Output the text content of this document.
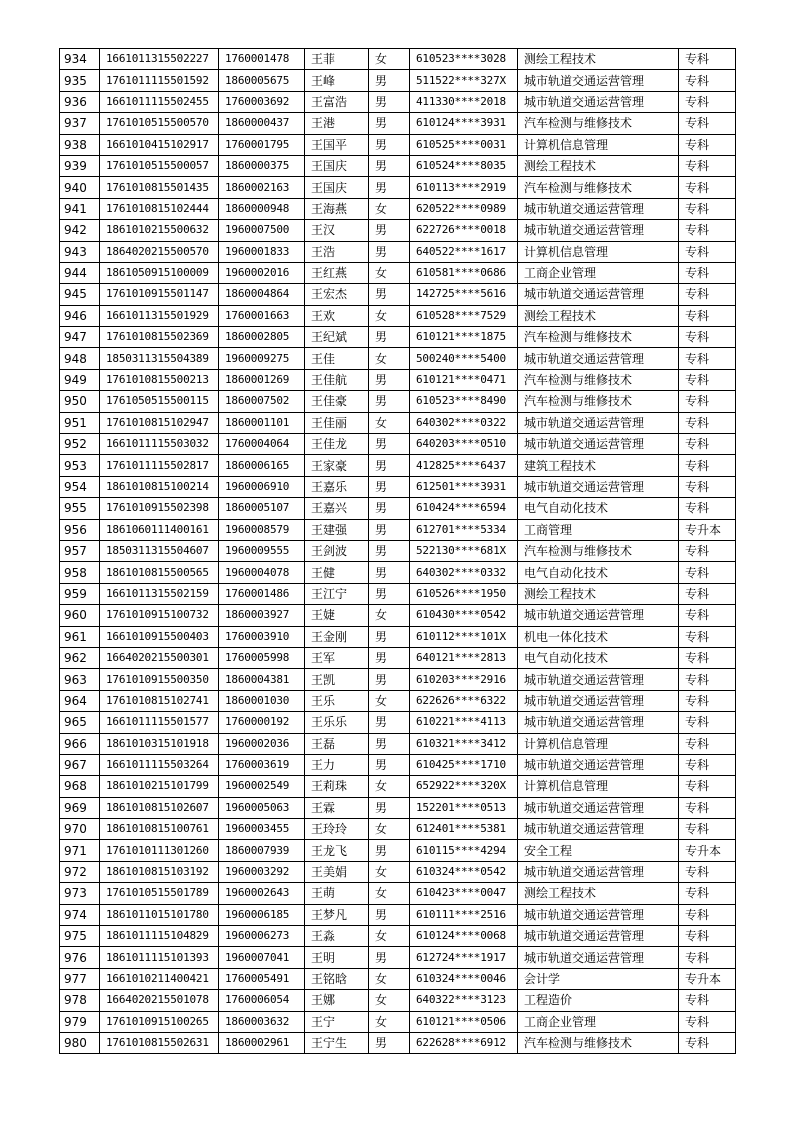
934	1661011315502227	1760001478	王菲	女	610523****3028	测绘工程技术	专科
935	1761011115501592	1860005675	王峰	男	511522****327X	城市轨道交通运营管理	专科
936	1661011115502455	1760003692	王富浩	男	411330****2018	城市轨道交通运营管理	专科
937	1761010515500570	1860000437	王港	男	610124****3931	汽车检测与维修技术	专科
938	1661010415102917	1760001795	王国平	男	610525****0031	计算机信息管理	专科
939	1761010515500057	1860000375	王国庆	男	610524****8035	测绘工程技术	专科
940	1761010815501435	1860002163	王国庆	男	610113****2919	汽车检测与维修技术	专科
941	1761010815102444	1860000948	王海燕	女	620522****0989	城市轨道交通运营管理	专科
942	1861010215500632	1960007500	王汉	男	622726****0018	城市轨道交通运营管理	专科
943	1864020215500570	1960001833	王浩	男	640522****1617	计算机信息管理	专科
944	1861050915100009	1960002016	王红燕	女	610581****0686	工商企业管理	专科
945	1761010915501147	1860004864	王宏杰	男	142725****5616	城市轨道交通运营管理	专科
946	1661011315501929	1760001663	王欢	女	610528****7529	测绘工程技术	专科
947	1761010815502369	1860002805	王纪斌	男	610121****1875	汽车检测与维修技术	专科
948	1850311315504389	1960009275	王佳	女	500240****5400	城市轨道交通运营管理	专科
949	1761010815500213	1860001269	王佳航	男	610121****0471	汽车检测与维修技术	专科
950	1761050515500115	1860007502	王佳豪	男	610523****8490	汽车检测与维修技术	专科
951	1761010815102947	1860001101	王佳丽	女	640302****0322	城市轨道交通运营管理	专科
952	1661011115503032	1760004064	王佳龙	男	640203****0510	城市轨道交通运营管理	专科
953	1761011115502817	1860006165	王家豪	男	412825****6437	建筑工程技术	专科
954	1861010815100214	1960006910	王嘉乐	男	612501****3931	城市轨道交通运营管理	专科
955	1761010915502398	1860005107	王嘉兴	男	610424****6594	电气自动化技术	专科
956	1861060111400161	1960008579	王建强	男	612701****5334	工商管理	专升本
957	1850311315504607	1960009555	王剑波	男	522130****681X	汽车检测与维修技术	专科
958	1861010815500565	1960004078	王健	男	640302****0332	电气自动化技术	专科
959	1661011315502159	1760001486	王江宁	男	610526****1950	测绘工程技术	专科
960	1761010915100732	1860003927	王婕	女	610430****0542	城市轨道交通运营管理	专科
961	1661010915500403	1760003910	王金刚	男	610112****101X	机电一体化技术	专科
962	1664020215500301	1760005998	王军	男	640121****2813	电气自动化技术	专科
963	1761010915500350	1860004381	王凯	男	610203****2916	城市轨道交通运营管理	专科
964	1761010815102741	1860001030	王乐	女	622626****6322	城市轨道交通运营管理	专科
965	1661011115501577	1760000192	王乐乐	男	610221****4113	城市轨道交通运营管理	专科
966	1861010315101918	1960002036	王磊	男	610321****3412	计算机信息管理	专科
967	1661011115503264	1760003619	王力	男	610425****1710	城市轨道交通运营管理	专科
968	1861010215101799	1960002549	王莉珠	女	652922****320X	计算机信息管理	专科
969	1861010815102607	1960005063	王霖	男	152201****0513	城市轨道交通运营管理	专科
970	1861010815100761	1960003455	王玲玲	女	612401****5381	城市轨道交通运营管理	专科
971	1761010111301260	1860007939	王龙飞	男	610115****4294	安全工程	专升本
972	1861010815103192	1960003292	王美娟	女	610324****0542	城市轨道交通运营管理	专科
973	1761010515501789	1960002643	王萌	女	610423****0047	测绘工程技术	专科
974	1861011015101780	1960006185	王梦凡	男	610111****2516	城市轨道交通运营管理	专科
975	1861011115104829	1960006273	王淼	女	610124****0068	城市轨道交通运营管理	专科
976	1861011115101393	1960007041	王明	男	612724****1917	城市轨道交通运营管理	专科
977	1661010211400421	1760005491	王铭晗	女	610324****0046	会计学	专升本
978	1664020215501078	1760006054	王娜	女	640322****3123	工程造价	专科
979	1761010915100265	1860003632	王宁	女	610121****0506	工商企业管理	专科
980	1761010815502631	1860002961	王宁生	男	622628****6912	汽车检测与维修技术	专科
